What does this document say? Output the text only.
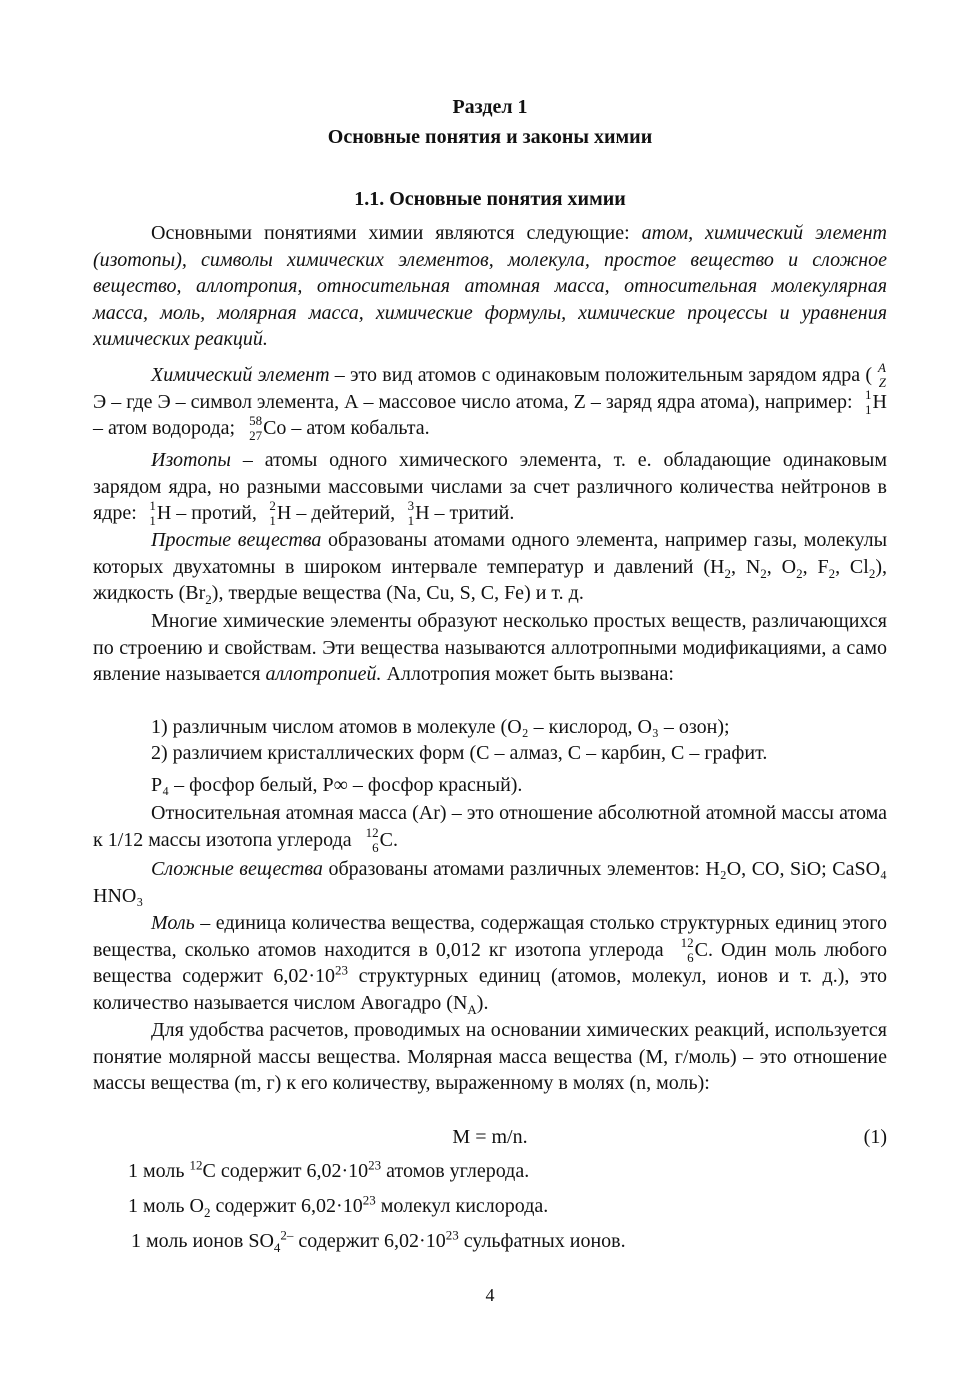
Раздел 1
Основные понятия и законы химии
1.1. Основные понятия химии
Основными понятиями химии являются следующие: атом, химический элемент (изотопы), символы химических элементов, молекула, простое вещество и сложное вещество, аллотропия, относительная атомная масса, относительная молекулярная масса, моль, молярная масса, химические формулы, химические процессы и уравнения химических реакций.
Химический элемент – это вид атомов с одинаковым положительным зарядом ядра ( A
Z
Э – где Э – символ элемента, А – массовое число атома, Z – заряд ядра атома), например: 1
1 H – атом водорода; 58
27 Co – атом кобальта.
Изотопы – атомы одного химического элемента, т. е. обладающие одинаковым зарядом ядра, но разными массовыми числами за счет различного количества нейтронов в ядре: 1
1 H – протий, 2
1 H – дейтерий, 3
1 H – тритий.
Простые вещества образованы атомами одного элемента, например газы, молекулы которых двухатомны в широком интервале температур и давлений ($H_2$, $N_2$, $O_2$, $F_2$, $Cl_2$), жидкость $(Br_2)$, твердые вещества (Na, Cu, S, C, Fe) и т. д.
Многие химические элементы образуют несколько простых веществ, различающихся по строению и свойствам. Эти вещества называются аллотропными модификациями, а само явление называется аллотропией. Аллотропия может быть вызвана:
1) различным числом атомов в молекуле (O₂ – кислород, O₃ – озон);
2) различием кристаллических форм (С – алмаз, С – карбин, С – графит.
P₄ – фосфор белый, P∞ – фосфор красный).
Относительная атомная масса (Ar) – это отношение абсолютной атомной массы атома к 1/12 массы изотопа углерода 12
6 C.
Сложные вещества образованы атомами различных элементов: H₂O, CO, SiO; CaSO₄ HNO₃
Моль – единица количества вещества, содержащая столько структурных единиц этого вещества, сколько атомов находится в 0,012 кг изотопа углерода 12
6 C. Один моль любого вещества содержит $6,02\cdot 10^{23}$ структурных единиц (атомов, молекул, ионов и т. д.), это количество называется числом Авогадро $(N_A)$.
Для удобства расчетов, проводимых на основании химических реакций, используется понятие молярной массы вещества. Молярная масса вещества (М, г/моль) – это отношение массы вещества (m, г) к его количеству, выраженному в молях (n, моль):
M = m/n.	(1)
1 моль $^{12}$C содержит $6,02\cdot 10^{23}$ атомов углерода.
1 моль $O_2$ содержит $6,02\cdot 10^{23}$ молекул кислорода.
1 моль ионов $SO_4^{2-}$ содержит $6,02\cdot 10^{23}$ сульфатных ионов.
4
